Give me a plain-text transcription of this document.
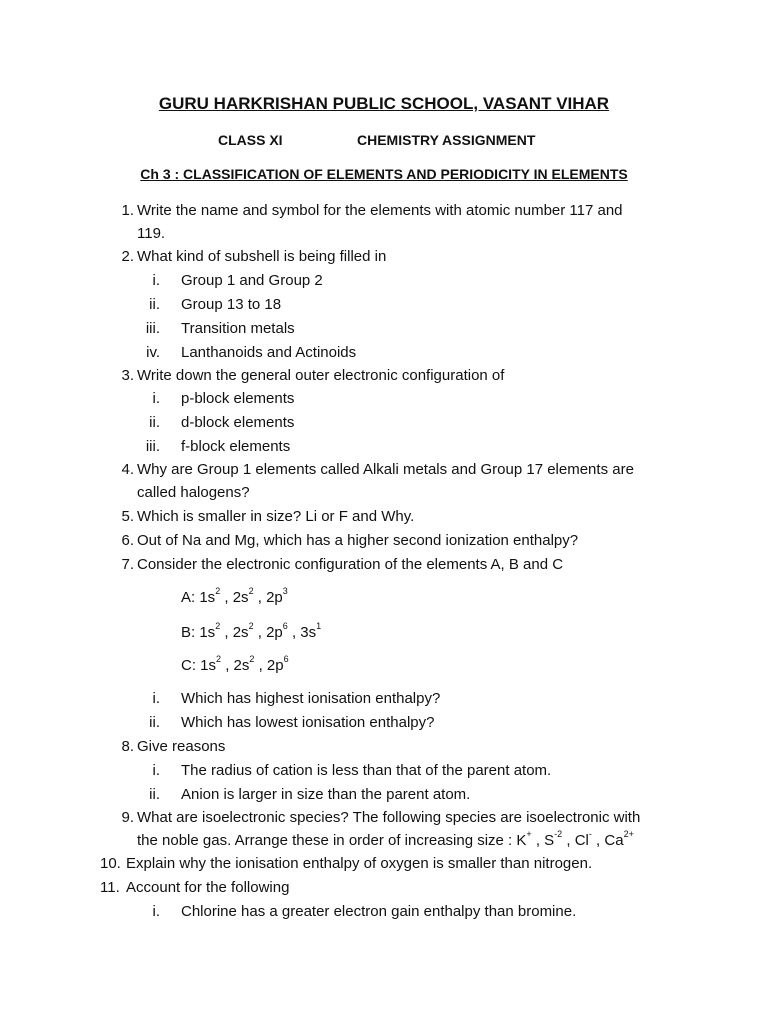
GURU HARKRISHAN PUBLIC SCHOOL, VASANT VIHAR
CLASS XI	CHEMISTRY ASSIGNMENT
Ch 3 : CLASSIFICATION OF ELEMENTS AND PERIODICITY IN ELEMENTS
1. Write the name and symbol for the elements with atomic number 117 and
119.
2. What kind of subshell is being filled in
i. Group 1 and Group 2
ii. Group 13 to 18
iii. Transition metals
iv. Lanthanoids and Actinoids
3. Write down the general outer electronic configuration of
i. p-block elements
ii. d-block elements
iii. f-block elements
4. Why are Group 1 elements called Alkali metals and Group 17 elements are
called halogens?
5. Which is smaller in size? Li or F and Why.
6. Out of Na and Mg, which has a higher second ionization enthalpy?
7. Consider the electronic configuration of the elements A, B and C
A: $1s^2$ , $2s^2$ , $2p^3$
B: $1s^2$ , $2s^2$ , $2p^6$ , $3s^1$
C: $1s^2$ , $2s^2$ , $2p^6$
i. Which has highest ionisation enthalpy?
ii. Which has lowest ionisation enthalpy?
8. Give reasons
i. The radius of cation is less than that of the parent atom.
ii. Anion is larger in size than the parent atom.
9. What are isoelectronic species? The following species are isoelectronic with
the noble gas. Arrange these in order of increasing size : K+ , $S^{-2}$ , Cl- , $Ca^{2+}$
10. Explain why the ionisation enthalpy of oxygen is smaller than nitrogen.
11. Account for the following
i. Chlorine has a greater electron gain enthalpy than bromine.
